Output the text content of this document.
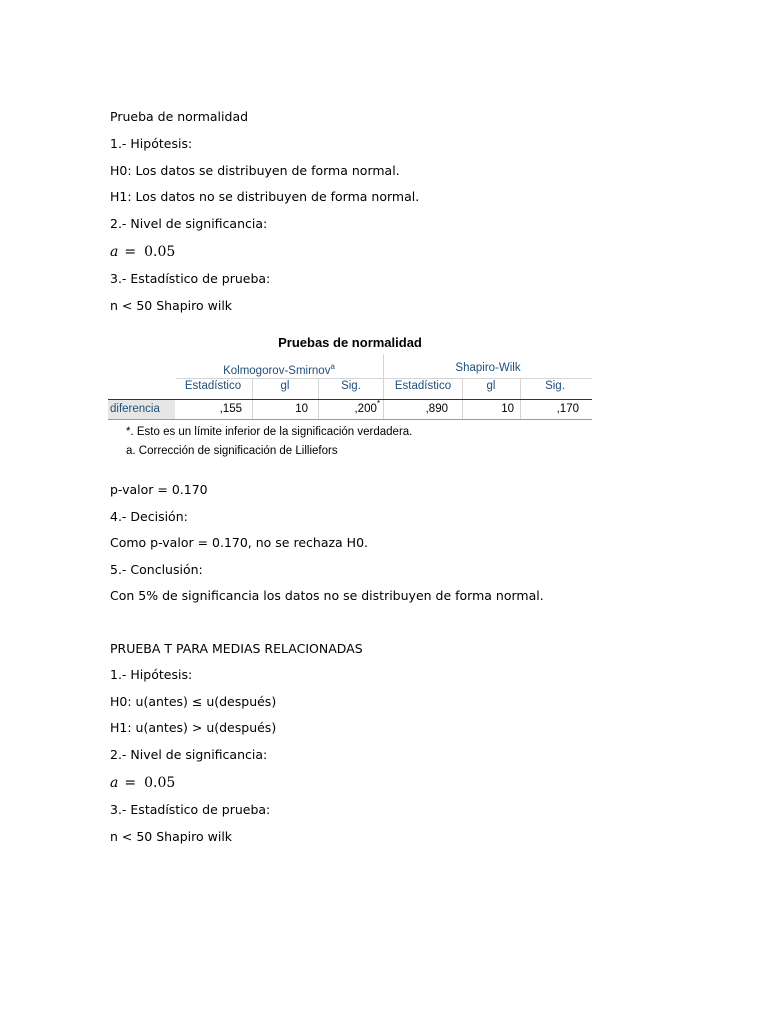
Prueba de normalidad
1.- Hipótesis:
H0: Los datos se distribuyen de forma normal.
H1: Los datos no se distribuyen de forma normal.
2.- Nivel de significancia:
a = 0.05
3.- Estadístico de prueba:
n < 50 Shapiro wilk
Pruebas de normalidad
Kolmogorov-Smirnov$^a$	Shapiro-Wilk
Estadístico	gl	Sig.	Estadístico	gl	Sig.
diferencia	,155	10	,200*	,890	10	,170
*. Esto es un límite inferior de la significación verdadera.
a. Corrección de significación de Lilliefors
p-valor = 0.170
4.- Decisión:
Como p-valor = 0.170, no se rechaza H0.
5.- Conclusión:
Con 5% de significancia los datos no se distribuyen de forma normal.
PRUEBA T PARA MEDIAS RELACIONADAS
1.- Hipótesis:
H0: u(antes) ≤ u(después)
H1: u(antes) > u(después)
2.- Nivel de significancia:
a = 0.05
3.- Estadístico de prueba:
n < 50 Shapiro wilk
